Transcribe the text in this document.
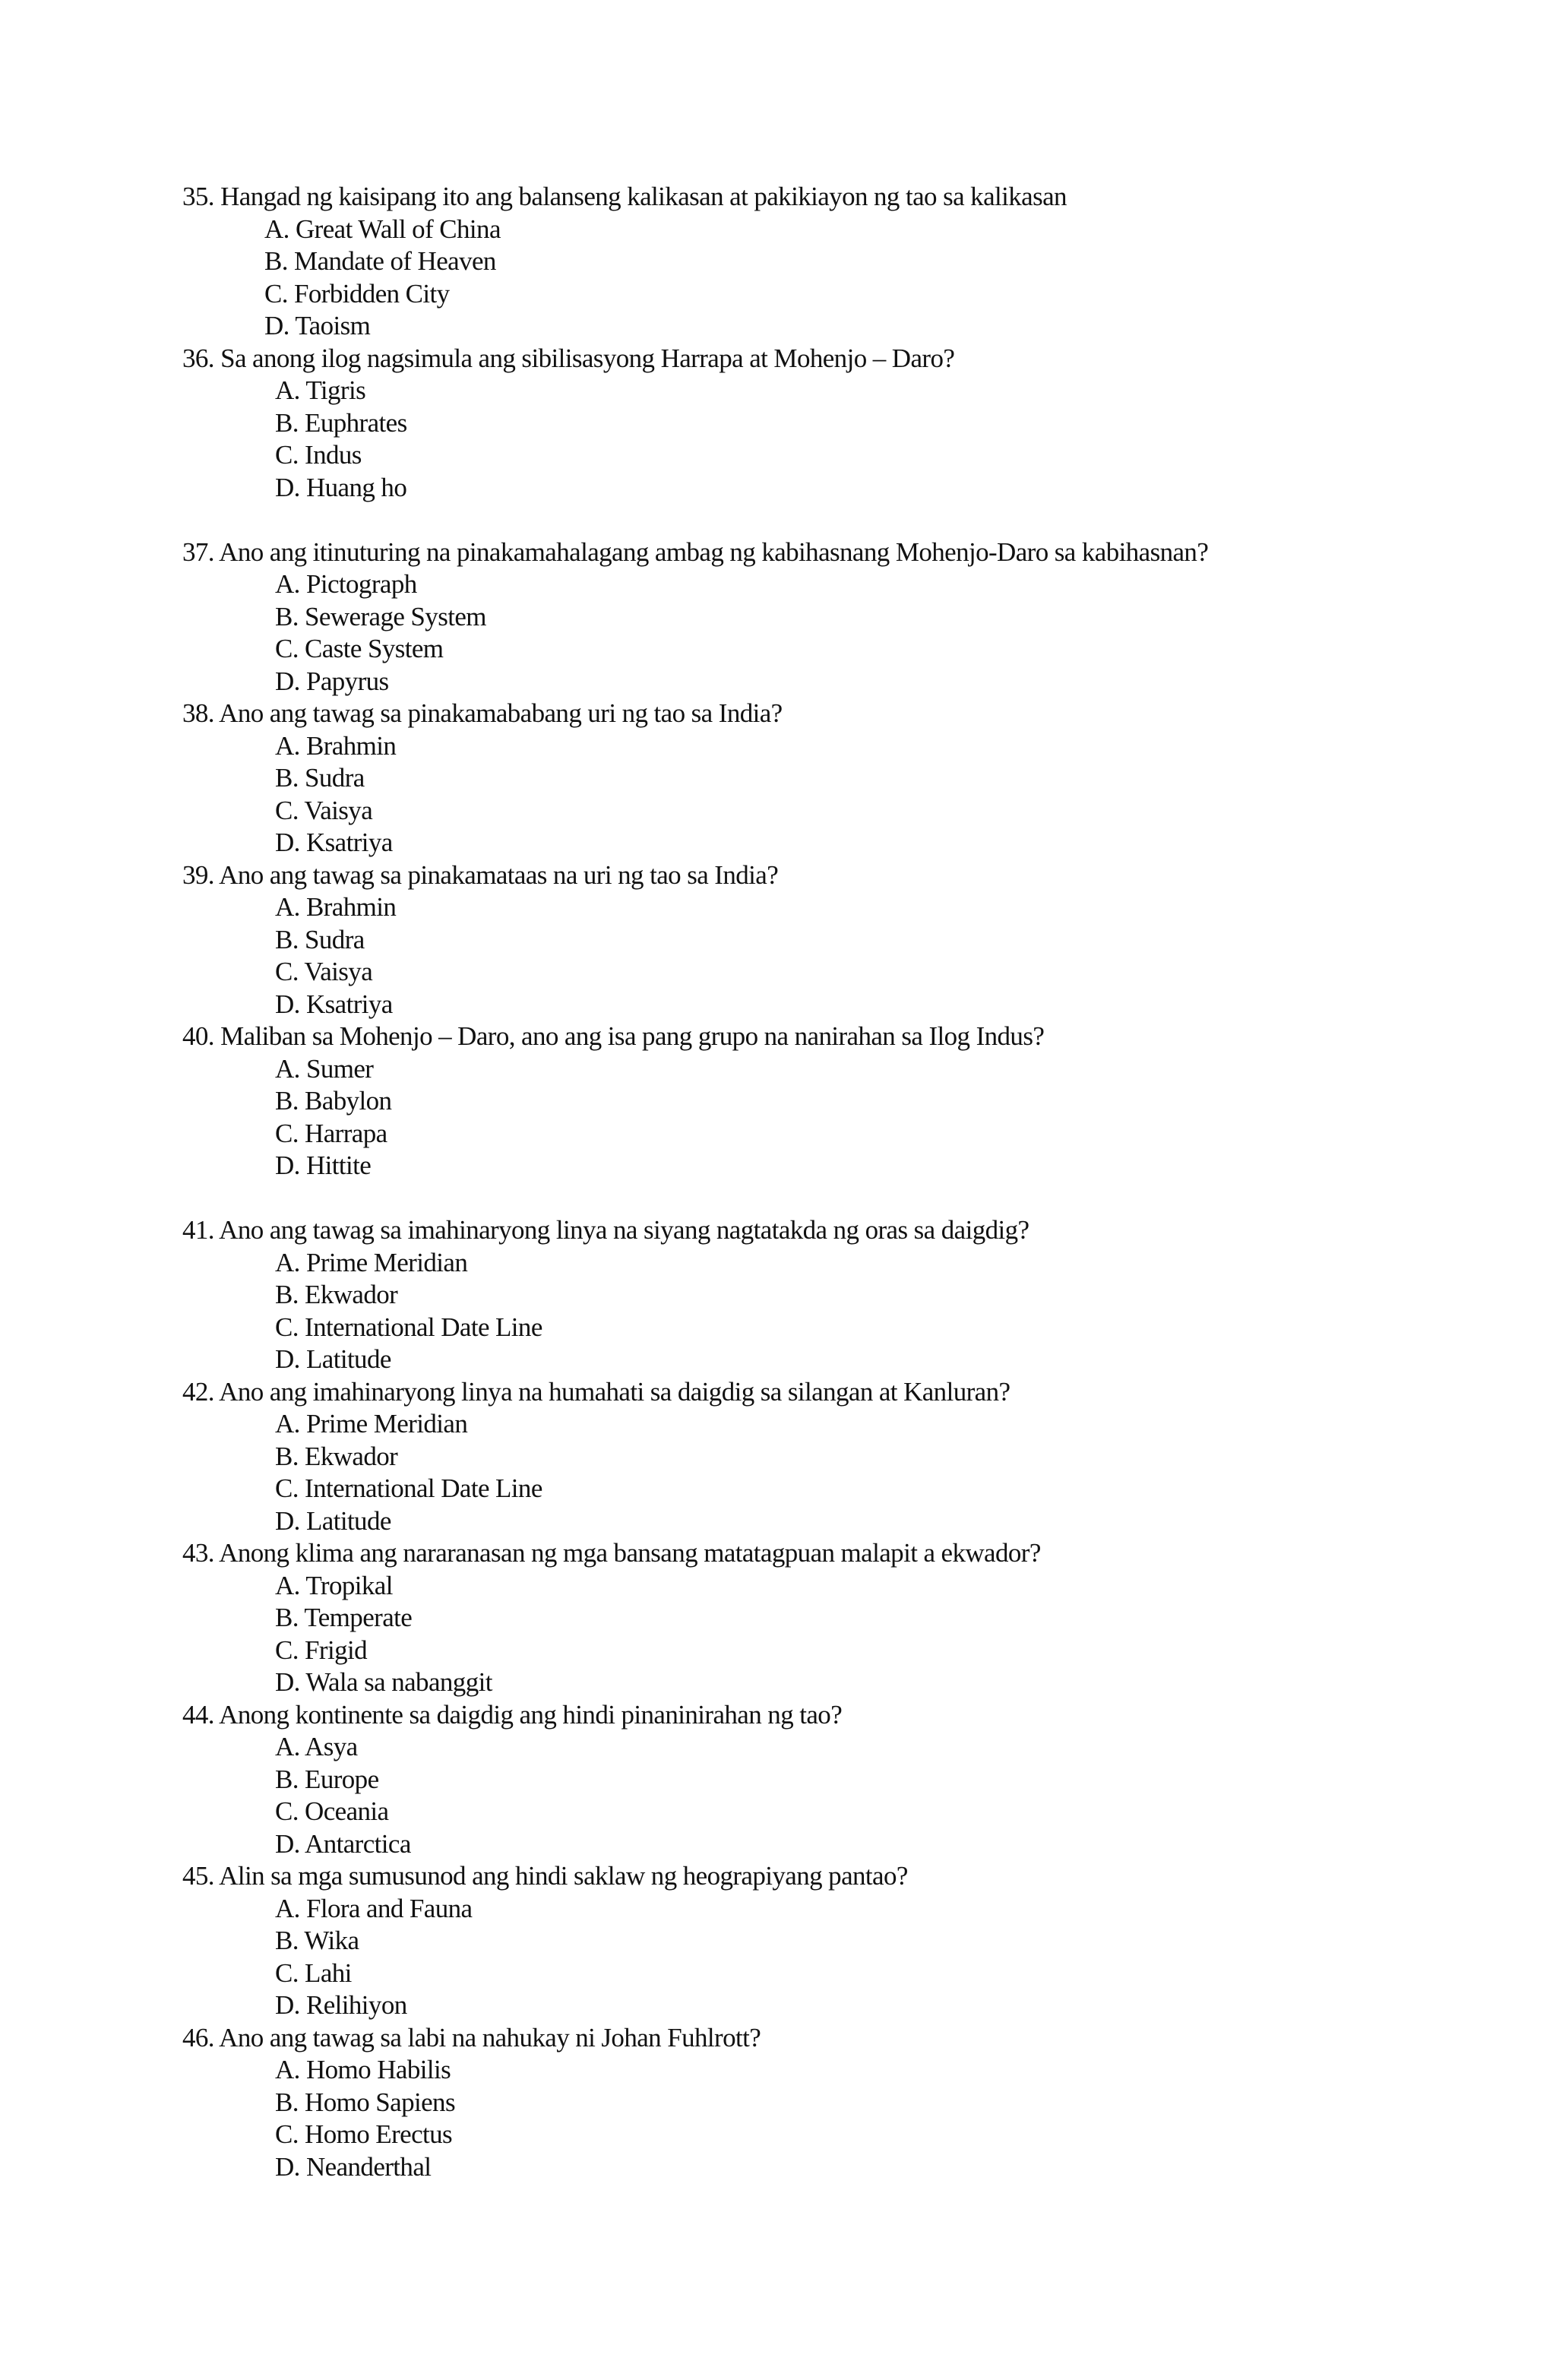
35. Hangad ng kaisipang ito ang balanseng kalikasan at pakikiayon ng tao sa kalikasan
A. Great Wall of China
B. Mandate of Heaven
C. Forbidden City
D. Taoism
36. Sa anong ilog nagsimula ang sibilisasyong Harrapa at Mohenjo – Daro?
A. Tigris
B. Euphrates
C. Indus
D. Huang ho
37. Ano ang itinuturing na pinakamahalagang ambag ng kabihasnang Mohenjo-Daro sa kabihasnan?
A. Pictograph
B. Sewerage System
C. Caste System
D. Papyrus
38. Ano ang tawag sa pinakamababang uri ng tao sa India?
A. Brahmin
B. Sudra
C. Vaisya
D. Ksatriya
39. Ano ang tawag sa pinakamataas na uri ng tao sa India?
A. Brahmin
B. Sudra
C. Vaisya
D. Ksatriya
40. Maliban sa Mohenjo – Daro, ano ang isa pang grupo na nanirahan sa Ilog Indus?
A. Sumer
B. Babylon
C. Harrapa
D. Hittite
41. Ano ang tawag sa imahinaryong linya na siyang nagtatakda ng oras sa daigdig?
A. Prime Meridian
B. Ekwador
C. International Date Line
D. Latitude
42. Ano ang imahinaryong linya na humahati sa daigdig sa silangan at Kanluran?
A. Prime Meridian
B. Ekwador
C. International Date Line
D. Latitude
43. Anong klima ang nararanasan ng mga bansang matatagpuan malapit a ekwador?
A. Tropikal
B. Temperate
C. Frigid
D. Wala sa nabanggit
44. Anong kontinente sa daigdig ang hindi pinaninirahan ng tao?
A. Asya
B. Europe
C. Oceania
D. Antarctica
45. Alin sa mga sumusunod ang hindi saklaw ng heograpiyang pantao?
A. Flora and Fauna
B. Wika
C. Lahi
D. Relihiyon
46. Ano ang tawag sa labi na nahukay ni Johan Fuhlrott?
A. Homo Habilis
B. Homo Sapiens
C. Homo Erectus
D. Neanderthal
